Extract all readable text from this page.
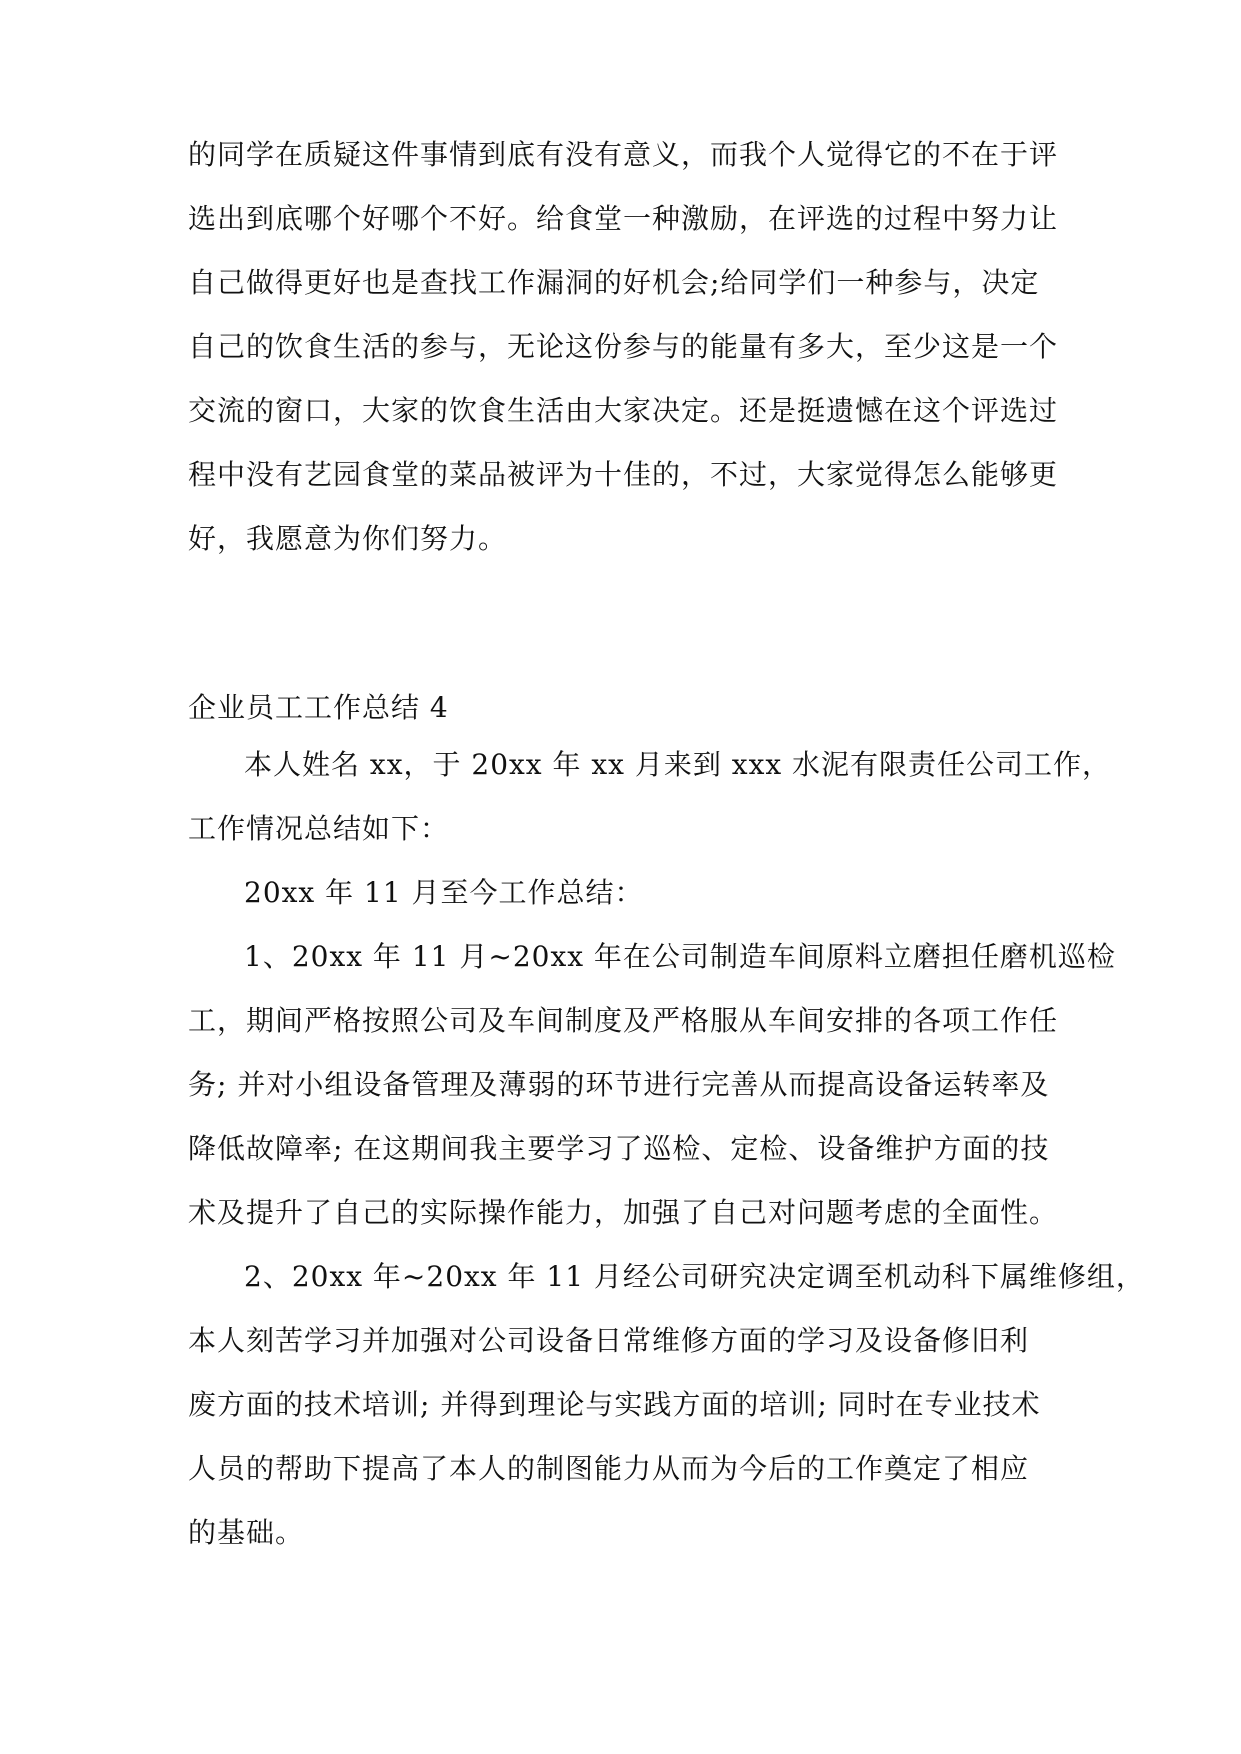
的同学在质疑这件事情到底有没有意义，而我个人觉得它的不在于评
选出到底哪个好哪个不好。给食堂一种激励，在评选的过程中努力让
自己做得更好也是查找工作漏洞的好机会;给同学们一种参与，决定
自己的饮食生活的参与，无论这份参与的能量有多大，至少这是一个
交流的窗口，大家的饮食生活由大家决定。还是挺遗憾在这个评选过
程中没有艺园食堂的菜品被评为十佳的，不过，大家觉得怎么能够更
好，我愿意为你们努力。
企业员工工作总结 4
本人姓名 xx，于 20xx 年 xx 月来到 xxx 水泥有限责任公司工作，
工作情况总结如下：
20xx 年 11 月至今工作总结：
1、20xx 年 11 月~20xx 年在公司制造车间原料立磨担任磨机巡检
工，期间严格按照公司及车间制度及严格服从车间安排的各项工作任
务; 并对小组设备管理及薄弱的环节进行完善从而提高设备运转率及
降低故障率; 在这期间我主要学习了巡检、定检、设备维护方面的技
术及提升了自己的实际操作能力，加强了自己对问题考虑的全面性。
2、20xx 年~20xx 年 11 月经公司研究决定调至机动科下属维修组，
本人刻苦学习并加强对公司设备日常维修方面的学习及设备修旧利
废方面的技术培训; 并得到理论与实践方面的培训; 同时在专业技术
人员的帮助下提高了本人的制图能力从而为今后的工作奠定了相应
的基础。
